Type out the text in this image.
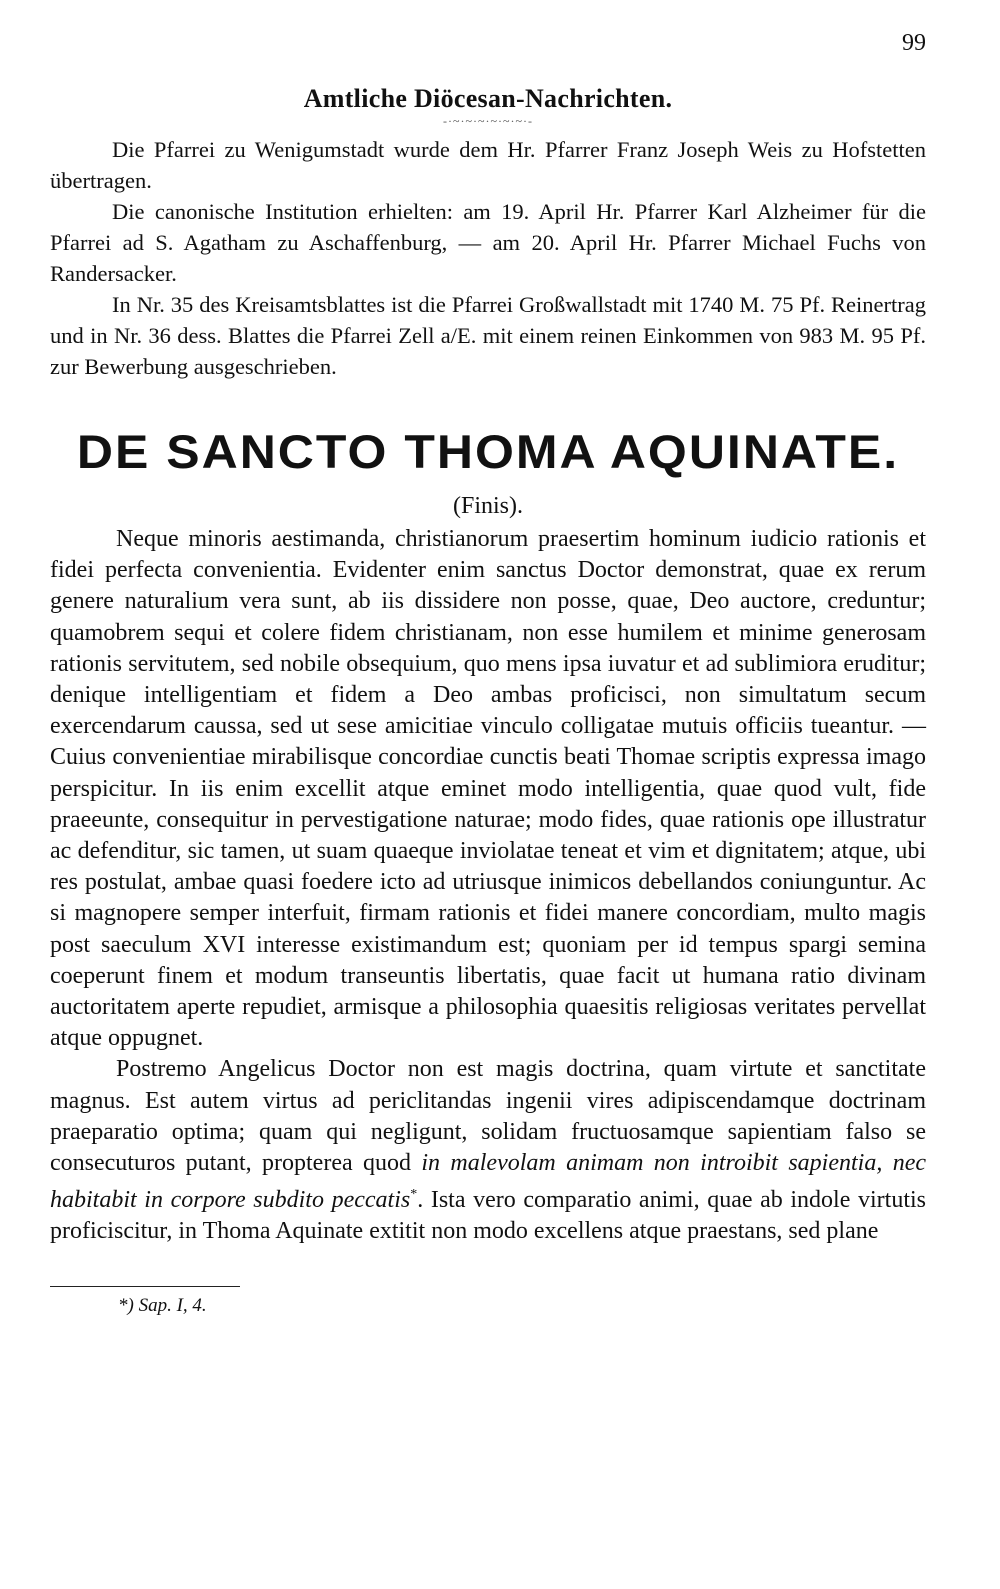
99
Amtliche Diöcesan-Nachrichten.
-·~·~·~·~·~·~·-

Die Pfarrei zu Wenigumstadt wurde dem Hr. Pfarrer Franz Joseph Weis zu Hofstetten übertragen.

Die canonische Institution erhielten: am 19. April Hr. Pfarrer Karl Alzheimer für die Pfarrei ad S. Agatham zu Aschaffenburg, — am 20. April Hr. Pfarrer Michael Fuchs von Randersacker.

In Nr. 35 des Kreisamtsblattes ist die Pfarrei Großwallstadt mit 1740 M. 75 Pf. Reinertrag und in Nr. 36 dess. Blattes die Pfarrei Zell a/E. mit einem reinen Einkommen von 983 M. 95 Pf. zur Bewerbung ausgeschrieben.

DE SANCTO THOMA AQUINATE.
(Finis).

Neque minoris aestimanda, christianorum praesertim hominum iudicio rationis et fidei perfecta convenientia. Evidenter enim sanctus Doctor demonstrat, quae ex rerum genere naturalium vera sunt, ab iis dissidere non posse, quae, Deo auctore, creduntur; quamobrem sequi et colere fidem christianam, non esse humilem et minime generosam rationis servitutem, sed nobile obsequium, quo mens ipsa iuvatur et ad sublimiora eruditur; denique intelligentiam et fidem a Deo ambas proficisci, non simultatum secum exercendarum caussa, sed ut sese amicitiae vinculo colligatae mutuis officiis tueantur. — Cuius convenientiae mirabilisque concordiae cunctis beati Thomae scriptis expressa imago perspicitur. In iis enim excellit atque eminet modo intelligentia, quae quod vult, fide praeeunte, consequitur in pervestigatione naturae; modo fides, quae rationis ope illustratur ac defenditur, sic tamen, ut suam quaeque inviolatae teneat et vim et dignitatem; atque, ubi res postulat, ambae quasi foedere icto ad utriusque inimicos debellandos coniunguntur. Ac si magnopere semper interfuit, firmam rationis et fidei manere concordiam, multo magis post saeculum XVI interesse existimandum est; quoniam per id tempus spargi semina coeperunt finem et modum transeuntis libertatis, quae facit ut humana ratio divinam auctoritatem aperte repudiet, armisque a philosophia quaesitis religiosas veritates pervellat atque oppugnet.

Postremo Angelicus Doctor non est magis doctrina, quam virtute et sanctitate magnus. Est autem virtus ad periclitandas ingenii vires adipiscendamque doctrinam praeparatio optima; quam qui negligunt, solidam fructuosamque sapientiam falso se consecuturos putant, propterea quod in malevolam animam non introibit sapientia, nec habitabit in corpore subdito peccatis*. Ista vero comparatio animi, quae ab indole virtutis proficiscitur, in Thoma Aquinate extitit non modo excellens atque praestans, sed plane

*) Sap. I, 4.
